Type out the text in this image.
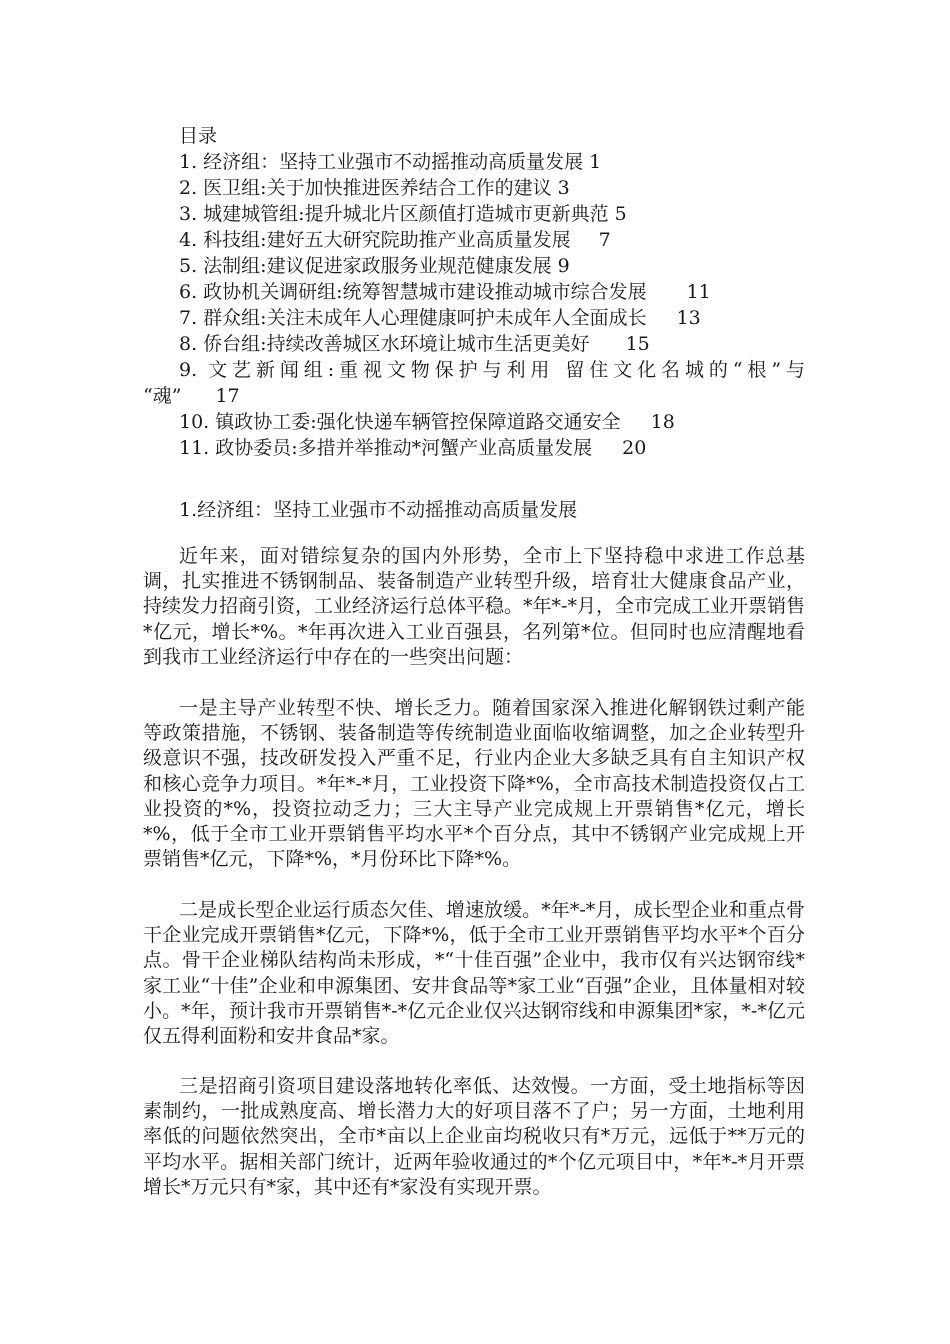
目录
1. 经济组：坚持工业强市不动摇推动高质量发展 1
2. 医卫组:关于加快推进医养结合工作的建议 3
3. 城建城管组:提升城北片区颜值打造城市更新典范 5
4. 科技组:建好五大研究院助推产业高质量发展 7
5. 法制组:建议促进家政服务业规范健康发展 9
6. 政协机关调研组:统筹智慧城市建设推动城市综合发展 11
7. 群众组:关注未成年人心理健康呵护未成年人全面成长 13
8. 侨台组:持续改善城区水环境让城市生活更美好 15
9. 文艺新闻组:重视文物保护与利用 留住文化名城的“根”与
“魂” 17
10. 镇政协工委:强化快递车辆管控保障道路交通安全 18
11. 政协委员:多措并举推动*河蟹产业高质量发展 20
1.经济组：坚持工业强市不动摇推动高质量发展
近年来，面对错综复杂的国内外形势，全市上下坚持稳中求进工作总基调，扎实推进不锈钢制品、装备制造产业转型升级，培育壮大健康食品产业，持续发力招商引资，工业经济运行总体平稳。*年*-*月，全市完成工业开票销售*亿元，增长*%。*年再次进入工业百强县，名列第*位。但同时也应清醒地看到我市工业经济运行中存在的一些突出问题：
一是主导产业转型不快、增长乏力。随着国家深入推进化解钢铁过剩产能等政策措施，不锈钢、装备制造等传统制造业面临收缩调整，加之企业转型升级意识不强，技改研发投入严重不足，行业内企业大多缺乏具有自主知识产权和核心竞争力项目。*年*-*月，工业投资下降*%，全市高技术制造投资仅占工业投资的*%，投资拉动乏力；三大主导产业完成规上开票销售*亿元，增长*%，低于全市工业开票销售平均水平*个百分点，其中不锈钢产业完成规上开票销售*亿元，下降*%，*月份环比下降*%。
二是成长型企业运行质态欠佳、增速放缓。*年*-*月，成长型企业和重点骨干企业完成开票销售*亿元，下降*%，低于全市工业开票销售平均水平*个百分点。骨干企业梯队结构尚未形成，*“十佳百强”企业中，我市仅有兴达钢帘线*家工业“十佳”企业和申源集团、安井食品等*家工业“百强”企业，且体量相对较小。*年，预计我市开票销售*-*亿元企业仅兴达钢帘线和申源集团*家，*-*亿元仅五得利面粉和安井食品*家。
三是招商引资项目建设落地转化率低、达效慢。一方面，受土地指标等因素制约，一批成熟度高、增长潜力大的好项目落不了户；另一方面，土地利用率低的问题依然突出，全市*亩以上企业亩均税收只有*万元，远低于**万元的平均水平。据相关部门统计，近两年验收通过的*个亿元项目中，*年*-*月开票增长*万元只有*家，其中还有*家没有实现开票。
